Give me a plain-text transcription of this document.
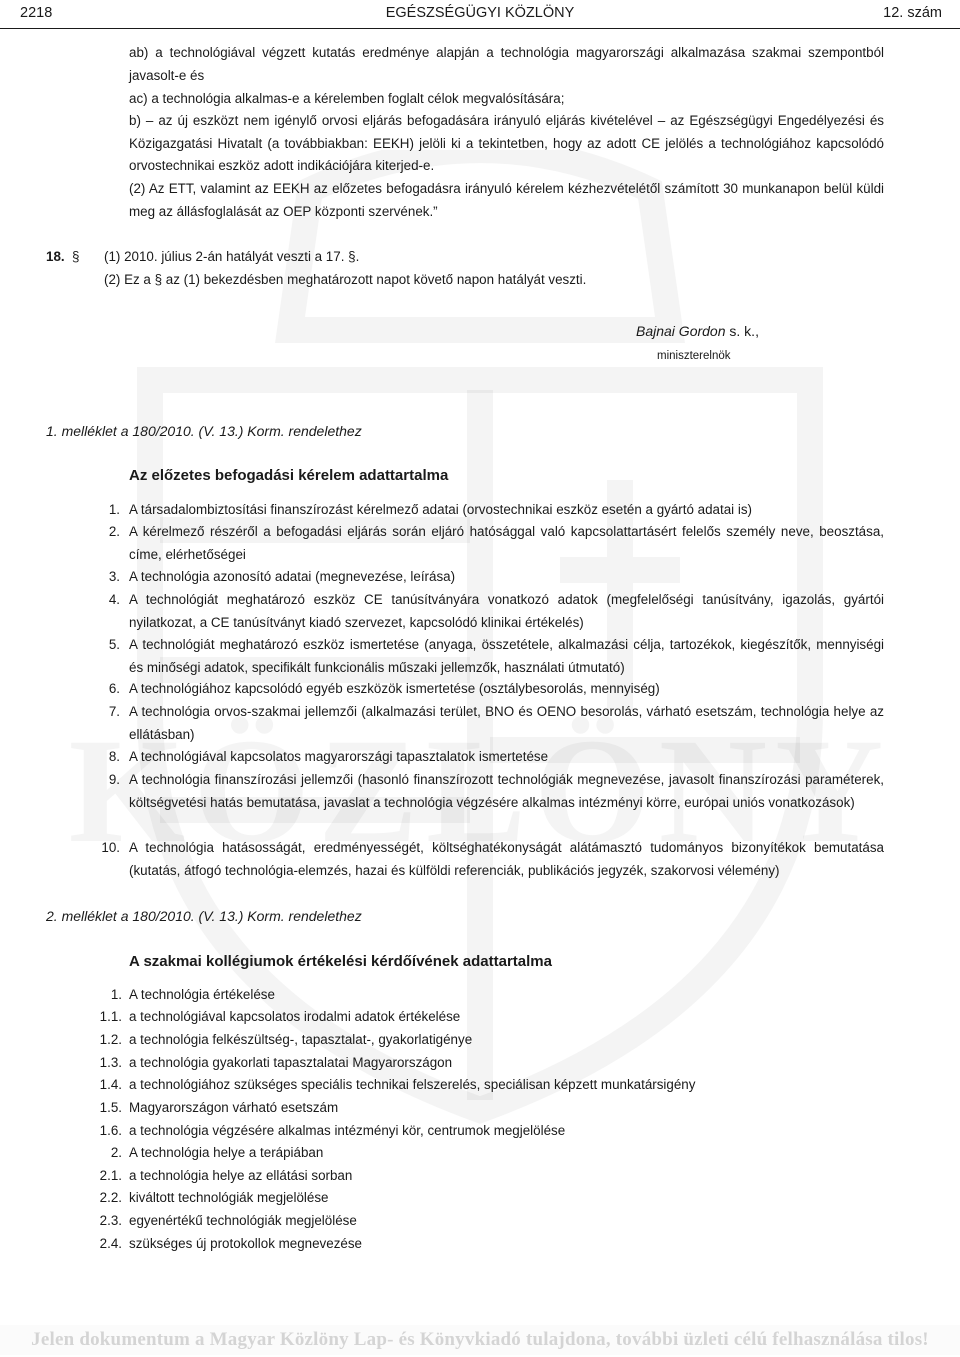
2218	EGÉSZSÉGÜGYI KÖZLÖNY	12. szám
ab) a technológiával végzett kutatás eredménye alapján a technológia magyarországi alkalmazása szakmai szempontból javasolt-e és
ac) a technológia alkalmas-e a kérelemben foglalt célok megvalósítására;
b) – az új eszközt nem igénylő orvosi eljárás befogadására irányuló eljárás kivételével – az Egészségügyi Engedélyezési és Közigazgatási Hivatalt (a továbbiakban: EEKH) jelöli ki a tekintetben, hogy az adott CE jelölés a technológiához kapcsolódó orvostechnikai eszköz adott indikációjára kiterjed-e.
(2) Az ETT, valamint az EEKH az előzetes befogadásra irányuló kérelem kézhezvételétől számított 30 munkanapon belül küldi meg az állásfoglalását az OEP központi szervének.”
18. § (1) 2010. július 2-án hatályát veszti a 17. §.
(2) Ez a § az (1) bekezdésben meghatározott napot követő napon hatályát veszti.
Bajnai Gordon s. k.,
miniszterelnök
1. melléklet a 180/2010. (V. 13.) Korm. rendelethez
Az előzetes befogadási kérelem adattartalma
1. A társadalombiztosítási finanszírozást kérelmező adatai (orvostechnikai eszköz esetén a gyártó adatai is)
2. A kérelmező részéről a befogadási eljárás során eljáró hatósággal való kapcsolattartásért felelős személy neve, beosztása, címe, elérhetőségei
3. A technológia azonosító adatai (megnevezése, leírása)
4. A technológiát meghatározó eszköz CE tanúsítványára vonatkozó adatok (megfelelőségi tanúsítvány, igazolás, gyártói nyilatkozat, a CE tanúsítványt kiadó szervezet, kapcsolódó klinikai értékelés)
5. A technológiát meghatározó eszköz ismertetése (anyaga, összetétele, alkalmazási célja, tartozékok, kiegészítők, mennyiségi és minőségi adatok, specifikált funkcionális műszaki jellemzők, használati útmutató)
6. A technológiához kapcsolódó egyéb eszközök ismertetése (osztálybesorolás, mennyiség)
7. A technológia orvos-szakmai jellemzői (alkalmazási terület, BNO és OENO besorolás, várható esetszám, technológia helye az ellátásban)
8. A technológiával kapcsolatos magyarországi tapasztalatok ismertetése
9. A technológia finanszírozási jellemzői (hasonló finanszírozott technológiák megnevezése, javasolt finanszírozási paraméterek, költségvetési hatás bemutatása, javaslat a technológia végzésére alkalmas intézményi körre, európai uniós vonatkozások)
10. A technológia hatásosságát, eredményességét, költséghatékonyságát alátámasztó tudományos bizonyítékok bemutatása (kutatás, átfogó technológia-elemzés, hazai és külföldi referenciák, publikációs jegyzék, szakorvosi vélemény)
2. melléklet a 180/2010. (V. 13.) Korm. rendelethez
A szakmai kollégiumok értékelési kérdőívének adattartalma
1. A technológia értékelése
1.1. a technológiával kapcsolatos irodalmi adatok értékelése
1.2. a technológia felkészültség-, tapasztalat-, gyakorlatigénye
1.3. a technológia gyakorlati tapasztalatai Magyarországon
1.4. a technológiához szükséges speciális technikai felszerelés, speciálisan képzett munkatársigény
1.5. Magyarországon várható esetszám
1.6. a technológia végzésére alkalmas intézményi kör, centrumok megjelölése
2. A technológia helye a terápiában
2.1. a technológia helye az ellátási sorban
2.2. kiváltott technológiák megjelölése
2.3. egyenértékű technológiák megjelölése
2.4. szükséges új protokollok megnevezése
Jelen dokumentum a Magyar Közlöny Lap- és Könyvkiadó tulajdona, további üzleti célú felhasználása tilos!
